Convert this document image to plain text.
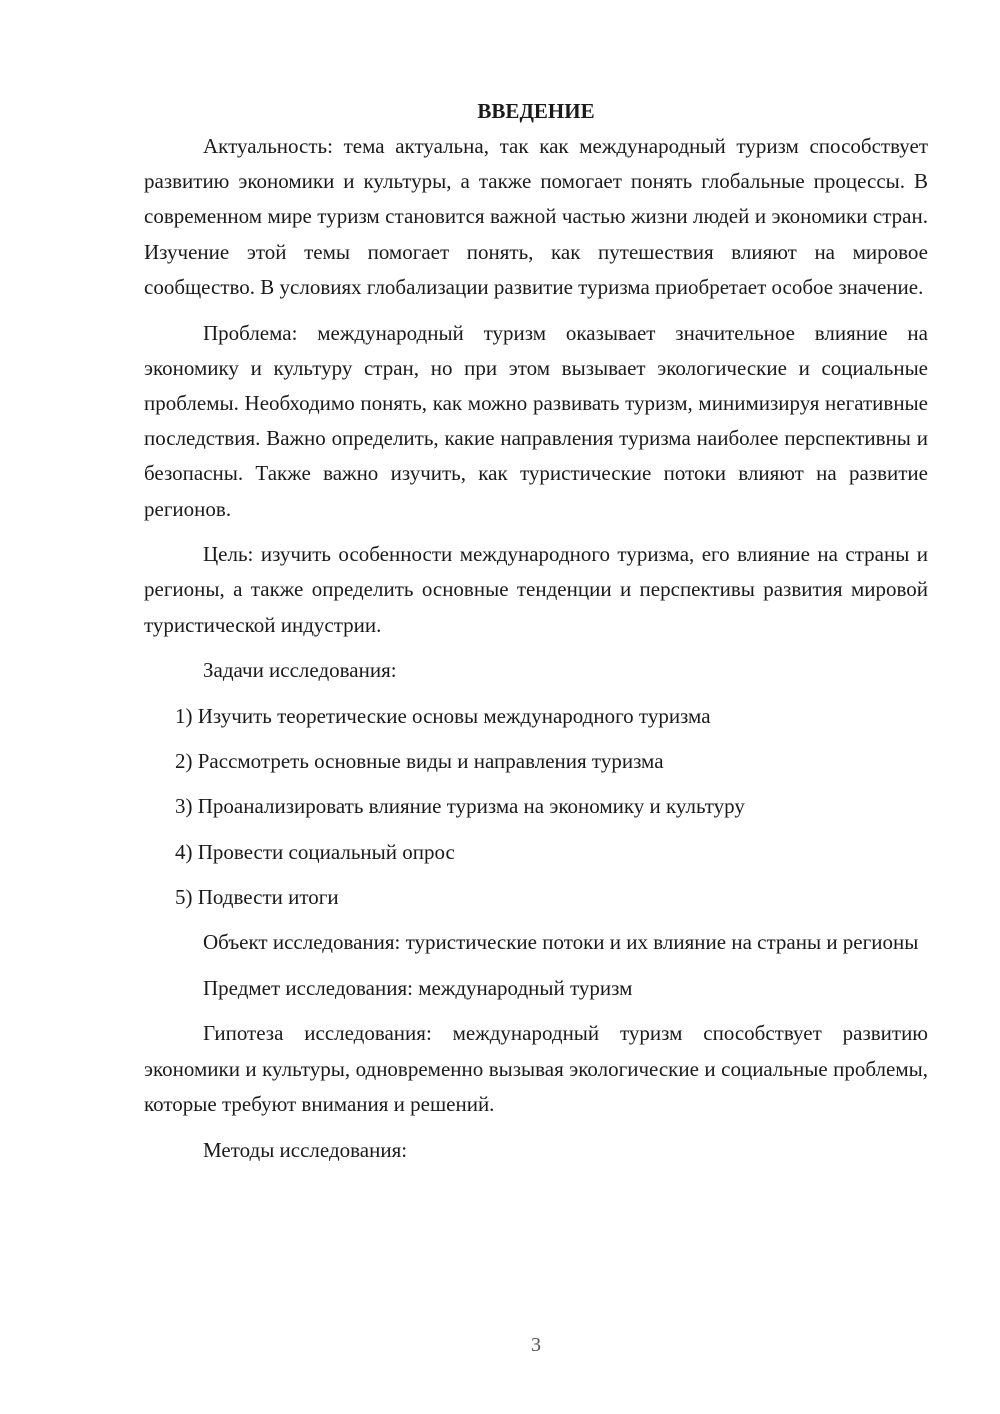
ВВЕДЕНИЕ

Актуальность: тема актуальна, так как международный туризм способствует развитию экономики и культуры, а также помогает понять глобальные процессы. В современном мире туризм становится важной частью жизни людей и экономики стран. Изучение этой темы помогает понять, как путешествия влияют на мировое сообщество. В условиях глобализации развитие туризма приобретает особое значение.

Проблема: международный туризм оказывает значительное влияние на экономику и культуру стран, но при этом вызывает экологические и социальные проблемы. Необходимо понять, как можно развивать туризм, минимизируя негативные последствия. Важно определить, какие направления туризма наиболее перспективны и безопасны. Также важно изучить, как туристические потоки влияют на развитие регионов.

Цель: изучить особенности международного туризма, его влияние на страны и регионы, а также определить основные тенденции и перспективы развития мировой туристической индустрии.

Задачи исследования:

1) Изучить теоретические основы международного туризма
2) Рассмотреть основные виды и направления туризма
3) Проанализировать влияние туризма на экономику и культуру
4) Провести социальный опрос
5) Подвести итоги

Объект исследования: туристические потоки и их влияние на страны и регионы

Предмет исследования: международный туризм

Гипотеза исследования: международный туризм способствует развитию экономики и культуры, одновременно вызывая экологические и социальные проблемы, которые требуют внимания и решений.

Методы исследования:

3
